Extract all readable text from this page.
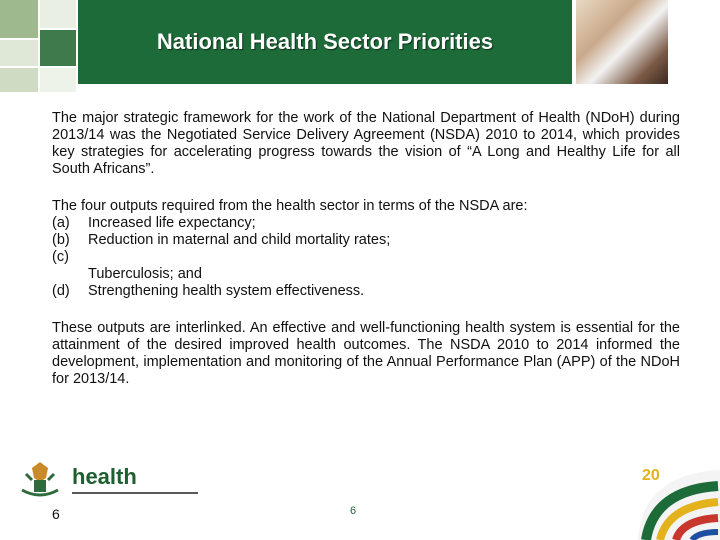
National Health Sector Priorities

The major strategic framework for the work of the National Department of Health (NDoH) during 2013/14 was the Negotiated Service Delivery Agreement (NSDA) 2010 to 2014, which provides key strategies for accelerating progress towards the vision of “A Long and Healthy Life for all South Africans”.

The four outputs required from the health sector in terms of the NSDA are:
(a)	Increased life expectancy;
(b)	Reduction in maternal and child mortality rates;
(c)

Tuberculosis; and
(d)	Strengthening health system effectiveness.

These outputs are interlinked. An effective and well-functioning health system is essential for the attainment of the desired improved health outcomes. The NSDA 2010 to 2014 informed the development, implementation and monitoring of the Annual Performance Plan (APP) of the NDoH for 2013/14.

health
6	6
20
